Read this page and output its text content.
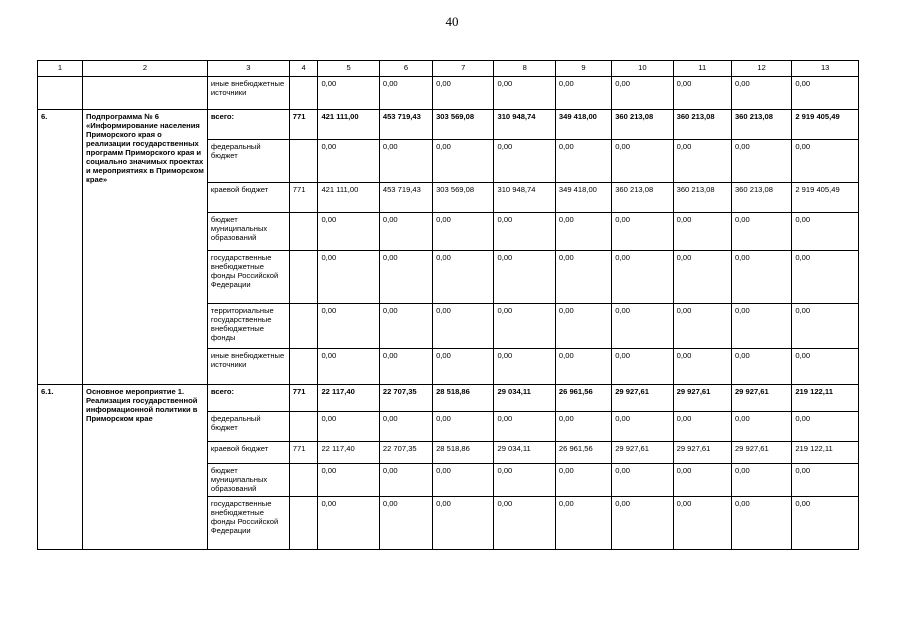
40
1	2	3	4	5	6	7	8	9	10	11	12	13
		иные внебюджетные источники		0,00	0,00	0,00	0,00	0,00	0,00	0,00	0,00	0,00
6.	Подпрограмма № 6 «Информирование населения Приморского края о реализации государственных программ Приморского края и социально значимых проектах и мероприятиях в Приморском крае»	всего:	771	421 111,00	453 719,43	303 569,08	310 948,74	349 418,00	360 213,08	360 213,08	360 213,08	2 919 405,49
		федеральный бюджет		0,00	0,00	0,00	0,00	0,00	0,00	0,00	0,00	0,00
		краевой бюджет	771	421 111,00	453 719,43	303 569,08	310 948,74	349 418,00	360 213,08	360 213,08	360 213,08	2 919 405,49
		бюджет муниципальных образований		0,00	0,00	0,00	0,00	0,00	0,00	0,00	0,00	0,00
		государственные внебюджетные фонды Российской Федерации		0,00	0,00	0,00	0,00	0,00	0,00	0,00	0,00	0,00
		территориальные государственные внебюджетные фонды		0,00	0,00	0,00	0,00	0,00	0,00	0,00	0,00	0,00
		иные внебюджетные источники		0,00	0,00	0,00	0,00	0,00	0,00	0,00	0,00	0,00
6.1.	Основное мероприятие 1. Реализация государственной информационной политики в Приморском крае	всего:	771	22 117,40	22 707,35	28 518,86	29 034,11	26 961,56	29 927,61	29 927,61	29 927,61	219 122,11
		федеральный бюджет		0,00	0,00	0,00	0,00	0,00	0,00	0,00	0,00	0,00
		краевой бюджет	771	22 117,40	22 707,35	28 518,86	29 034,11	26 961,56	29 927,61	29 927,61	29 927,61	219 122,11
		бюджет муниципальных образований		0,00	0,00	0,00	0,00	0,00	0,00	0,00	0,00	0,00
		государственные внебюджетные фонды Российской Федерации		0,00	0,00	0,00	0,00	0,00	0,00	0,00	0,00	0,00
